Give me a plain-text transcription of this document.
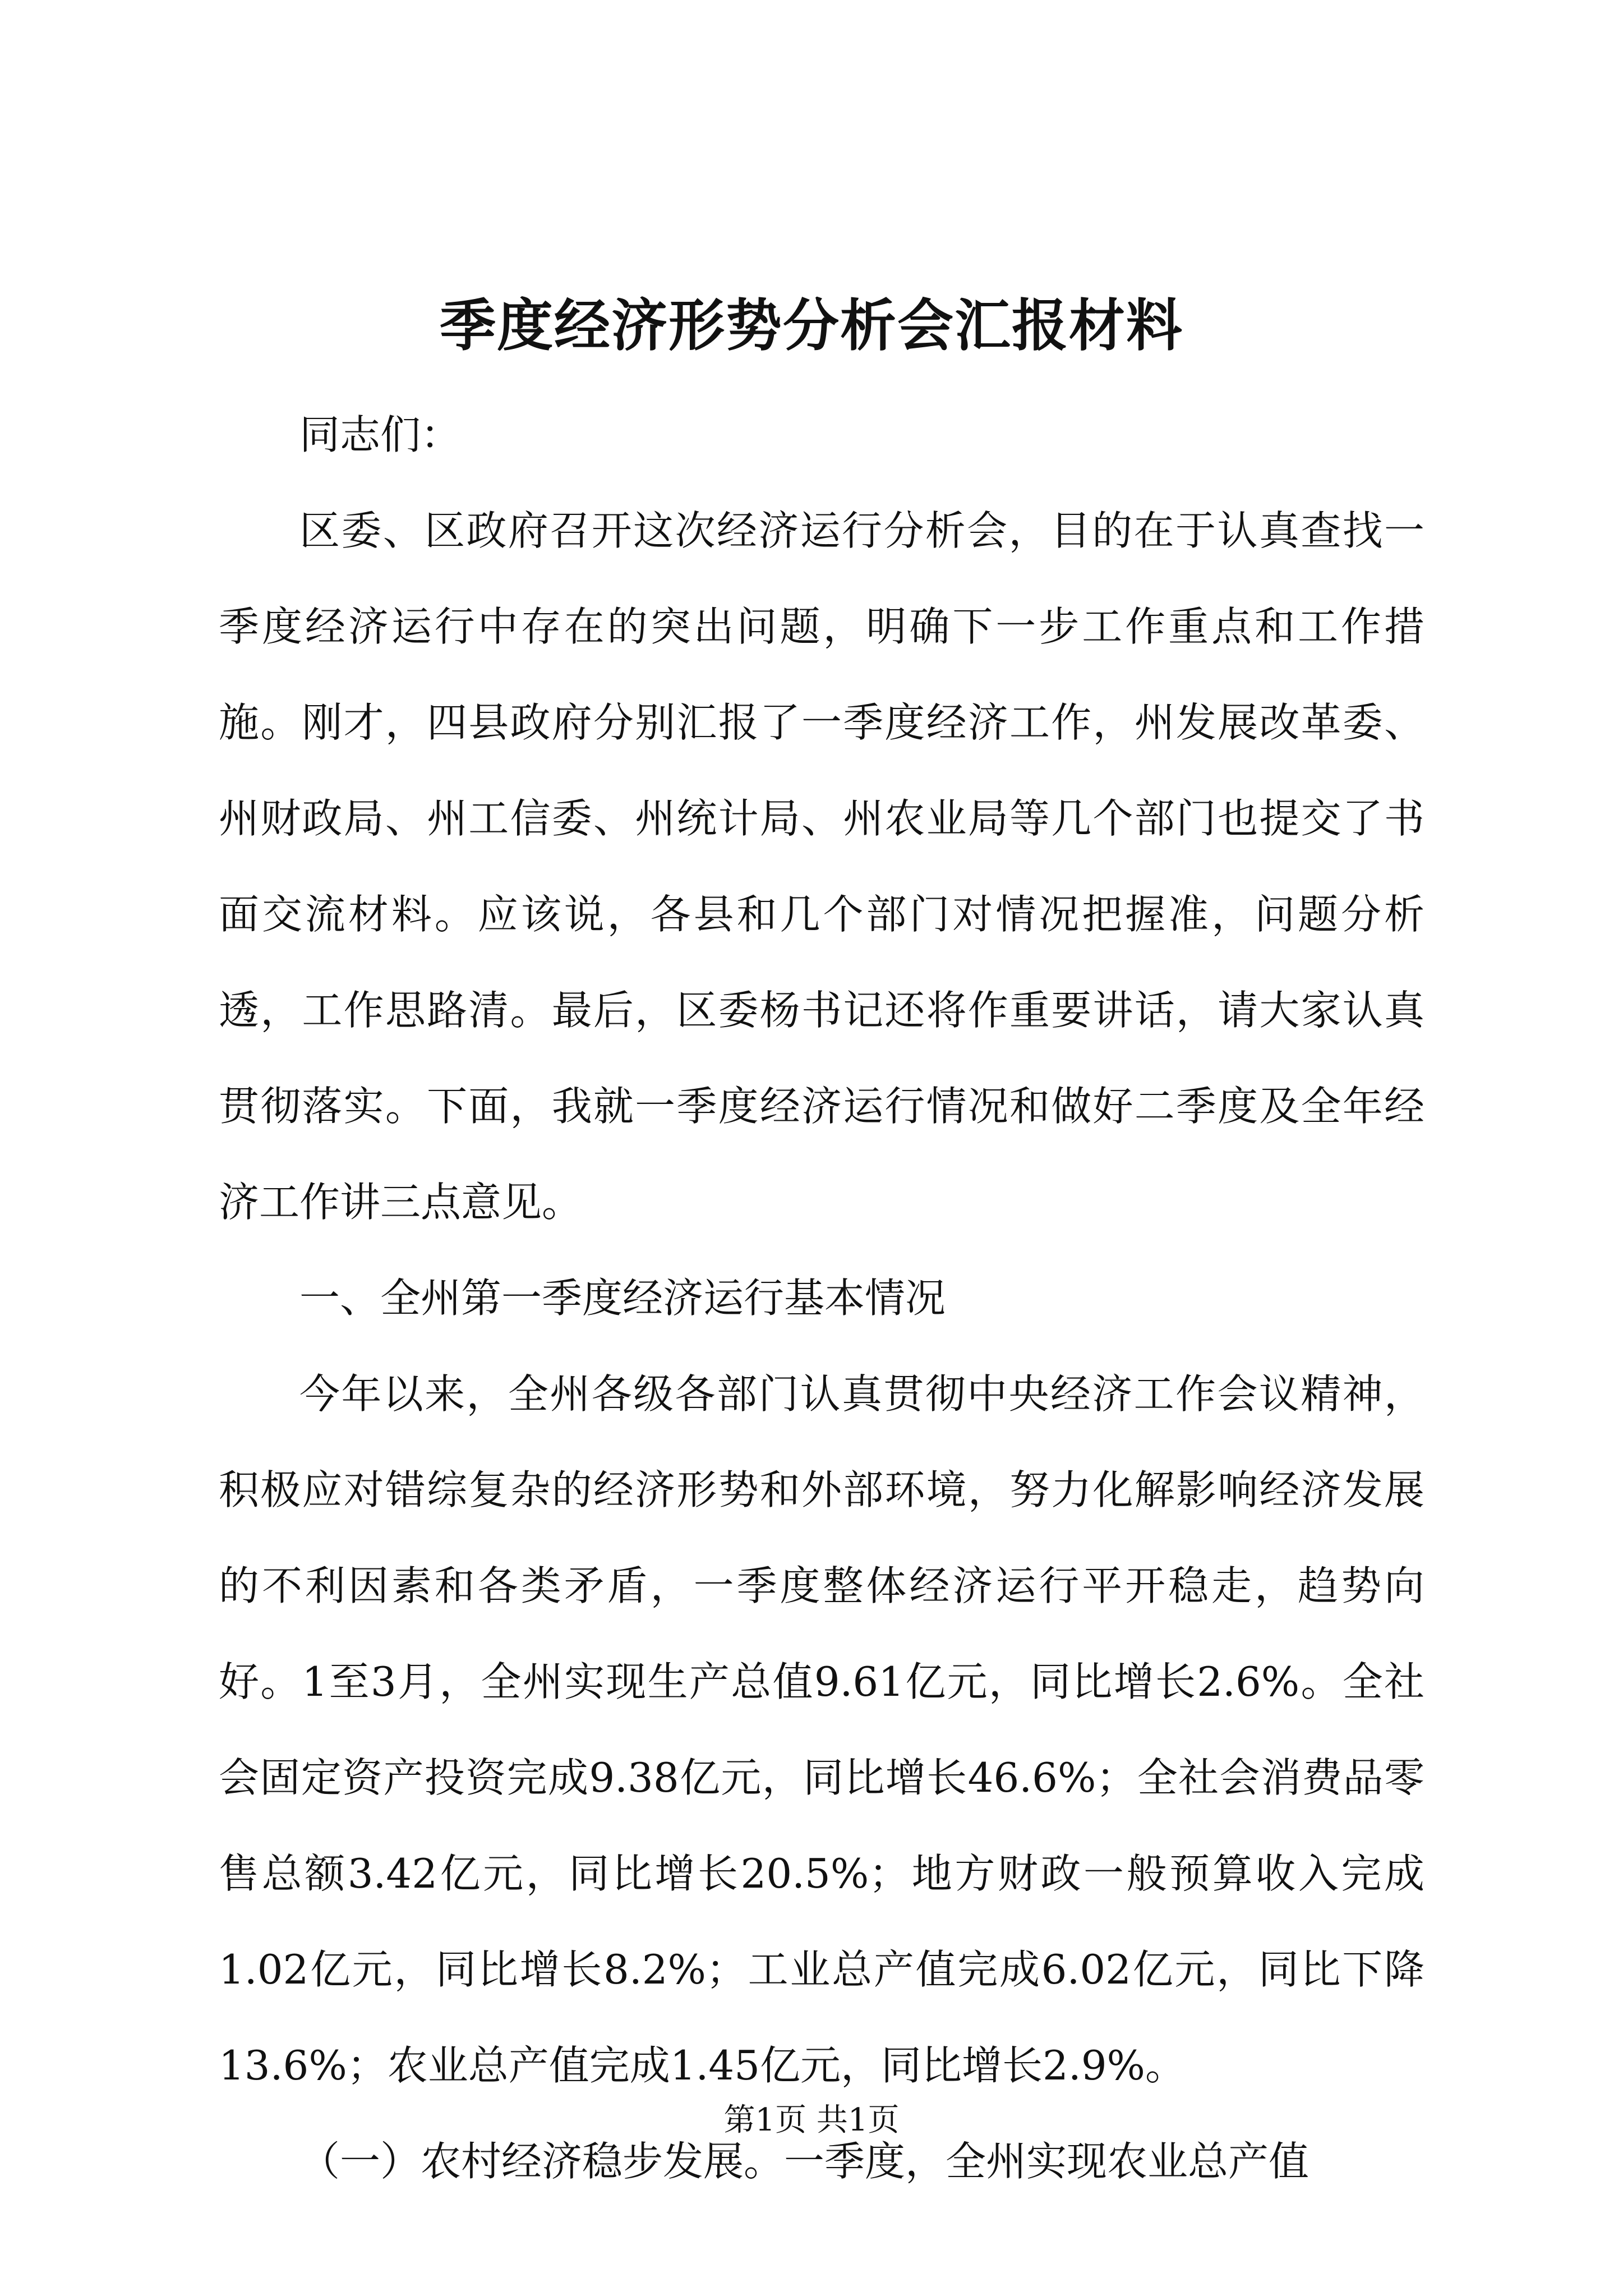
季度经济形势分析会汇报材料

同志们：

区委、区政府召开这次经济运行分析会，目的在于认真查找一季度经济运行中存在的突出问题，明确下一步工作重点和工作措施。刚才，四县政府分别汇报了一季度经济工作，州发展改革委、州财政局、州工信委、州统计局、州农业局等几个部门也提交了书面交流材料。应该说，各县和几个部门对情况把握准，问题分析透，工作思路清。最后，区委杨书记还将作重要讲话，请大家认真贯彻落实。下面，我就一季度经济运行情况和做好二季度及全年经济工作讲三点意见。

一、全州第一季度经济运行基本情况

今年以来，全州各级各部门认真贯彻中央经济工作会议精神，积极应对错综复杂的经济形势和外部环境，努力化解影响经济发展的不利因素和各类矛盾，一季度整体经济运行平开稳走，趋势向好。1至3月，全州实现生产总值9.61亿元，同比增长2.6%。全社会固定资产投资完成9.38亿元，同比增长46.6%；全社会消费品零售总额3.42亿元，同比增长20.5%；地方财政一般预算收入完成1.02亿元，同比增长8.2%；工业总产值完成6.02亿元，同比下降13.6%；农业总产值完成1.45亿元，同比增长2.9%。

（一）农村经济稳步发展。一季度，全州实现农业总产值

第1页 共1页
